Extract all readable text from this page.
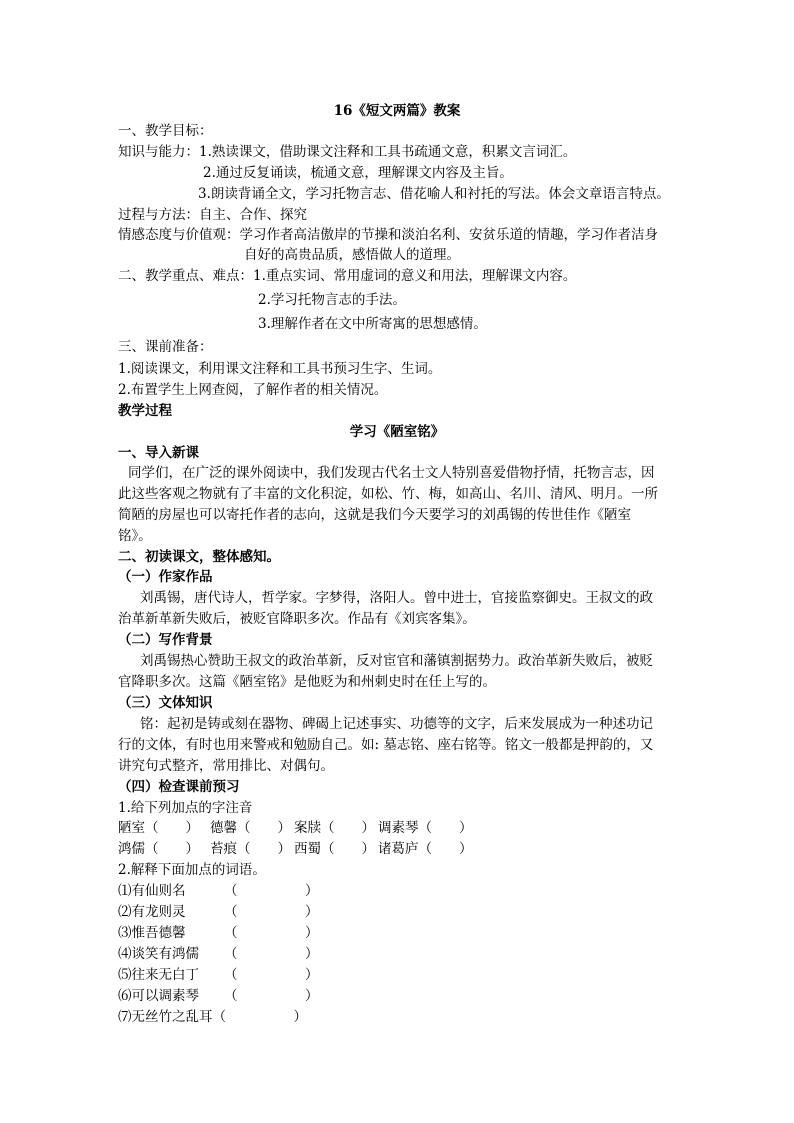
16《短文两篇》教案
一、教学目标：
知识与能力：1.熟读课文，借助课文注释和工具书疏通文意，积累文言词汇。
2.通过反复诵读，梳通文意，理解课文内容及主旨。
3.朗读背诵全文，学习托物言志、借花喻人和衬托的写法。体会文章语言特点。
过程与方法：自主、合作、探究
情感态度与价值观：学习作者高洁傲岸的节操和淡泊名利、安贫乐道的情趣，学习作者洁身
自好的高贵品质，感悟做人的道理。
二、教学重点、难点：1.重点实词、常用虚词的意义和用法，理解课文内容。
2.学习托物言志的手法。
3.理解作者在文中所寄寓的思想感情。
三、课前准备：
1.阅读课文，利用课文注释和工具书预习生字、生词。
2.布置学生上网查阅，了解作者的相关情况。
教学过程
学习《陋室铭》
一、导入新课
同学们，在广泛的课外阅读中，我们发现古代名士文人特别喜爱借物抒情，托物言志，因
此这些客观之物就有了丰富的文化积淀，如松、竹、梅，如高山、名川、清风、明月。一所
简陋的房屋也可以寄托作者的志向，这就是我们今天要学习的刘禹锡的传世佳作《陋室
铭》。
二、初读课文，整体感知。
（一）作家作品
刘禹锡，唐代诗人，哲学家。字梦得，洛阳人。曾中进士，官接监察御史。王叔文的政
治革新革新失败后，被贬官降职多次。作品有《刘宾客集》。
（二）写作背景
刘禹锡热心赞助王叔文的政治革新，反对宦官和藩镇割据势力。政治革新失败后，被贬
官降职多次。这篇《陋室铭》是他贬为和州刺史时在任上写的。
（三）文体知识
铭：起初是铸或刻在器物、碑碣上记述事实、功德等的文字，后来发展成为一种述功记
行的文体，有时也用来警戒和勉励自己。如: 墓志铭、座右铭等。铭文一般都是押韵的，又
讲究句式整齐，常用排比、对偶句。
（四）检查课前预习
1.给下列加点的字注音
陋室（　　） 德馨（　　） 案牍（　　） 调素琴（　　）
鸿儒（　　） 苔痕（　　） 西蜀（　　） 诸葛庐（　　）
2.解释下面加点的词语。
⑴有仙则名	（　　　　　）
⑵有龙则灵	（　　　　　）
⑶惟吾德馨	（　　　　　）
⑷谈笑有鸿儒 （　　　　　）
⑸往来无白丁 （　　　　　）
⑹可以调素琴 （　　　　　）
⑺无丝竹之乱耳（　　　　　）
